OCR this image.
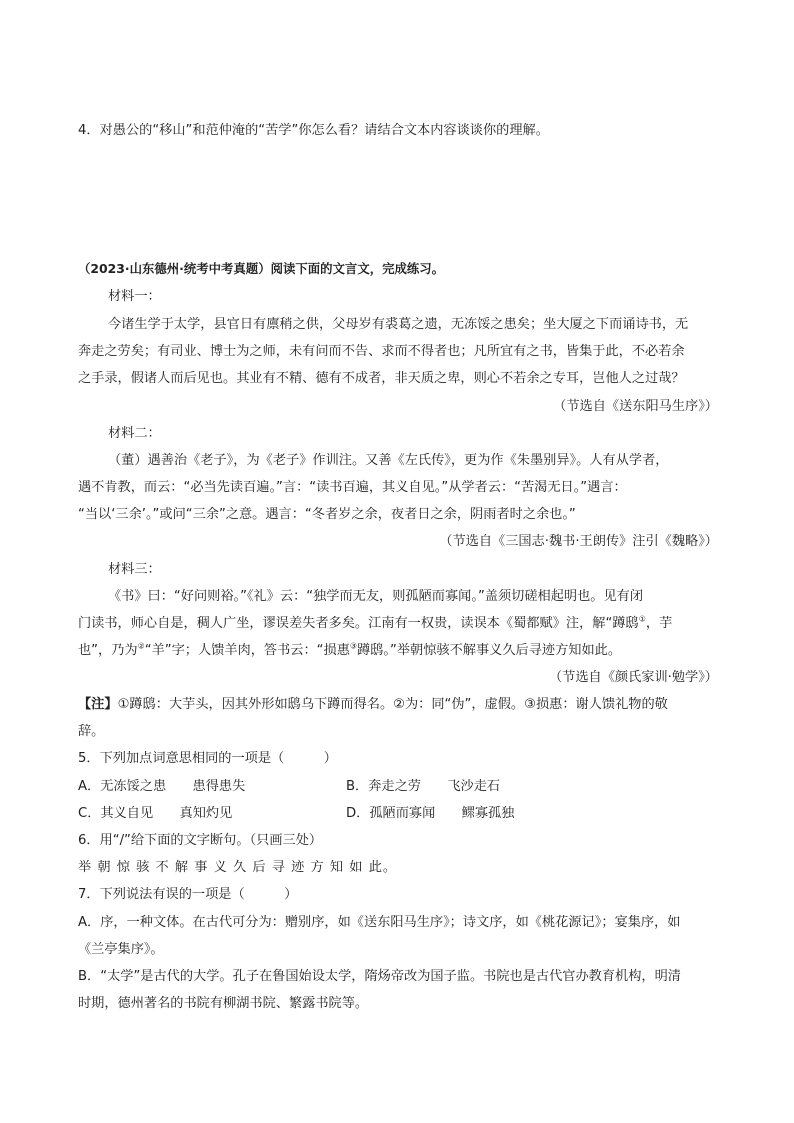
4．对愚公的“移山”和范仲淹的“苦学”你怎么看？请结合文本内容谈谈你的理解。
（2023·山东德州·统考中考真题）阅读下面的文言文，完成练习。
材料一：
今诸生学于太学，县官日有廪稍之供，父母岁有裘葛之遗，无冻馁之患矣；坐大厦之下而诵诗书，无
奔走之劳矣；有司业、博士为之师，未有问而不告、求而不得者也；凡所宜有之书，皆集于此，不必若余
之手录，假诸人而后见也。其业有不精、德有不成者，非天质之卑，则心不若余之专耳，岂他人之过哉？
（节选自《送东阳马生序》）
材料二：
（董）遇善治《老子》，为《老子》作训注。又善《左氏传》，更为作《朱墨别异》。人有从学者，
遇不肯教，而云：“必当先读百遍。”言：“读书百遍，其义自见。”从学者云：“苦渴无日。”遇言：
“当以‘三余’。”或问“三余”之意。遇言：“冬者岁之余，夜者日之余，阴雨者时之余也。”
（节选自《三国志·魏书·王朗传》注引《魏略》）
材料三：
《书》曰：“好问则裕。”《礼》云：“独学而无友，则孤陋而寡闻。”盖须切磋相起明也。见有闭
门读书，师心自是，稠人广坐，谬误差失者多矣。江南有一权贵，读误本《蜀都赋》注，解“蹲鸱①，芋
也”，乃为②“羊”字；人馈羊肉，答书云：“损惠③蹲鸱。”举朝惊骇不解事义久后寻迹方知如此。
（节选自《颜氏家训·勉学》）
【注】①蹲鸱：大芋头，因其外形如鸱乌下蹲而得名。②为：同“伪”，虚假。③损惠：谢人馈礼物的敬
辞。
5．下列加点词意思相同的一项是（　　　）
A．无冻馁之患　　患得患失	B．奔走之劳　　飞沙走石
C．其义自见　　真知灼见	D．孤陋而寡闻　　鳏寡孤独
6．用“/”给下面的文字断句。（只画三处）
举 朝 惊 骇 不 解 事 义 久 后 寻 迹 方 知 如 此。
7．下列说法有误的一项是（　　　）
A．序，一种文体。在古代可分为：赠别序，如《送东阳马生序》；诗文序，如《桃花源记》；宴集序，如
《兰亭集序》。
B．“太学”是古代的大学。孔子在鲁国始设太学，隋炀帝改为国子监。书院也是古代官办教育机构，明清
时期，德州著名的书院有柳湖书院、繁露书院等。
